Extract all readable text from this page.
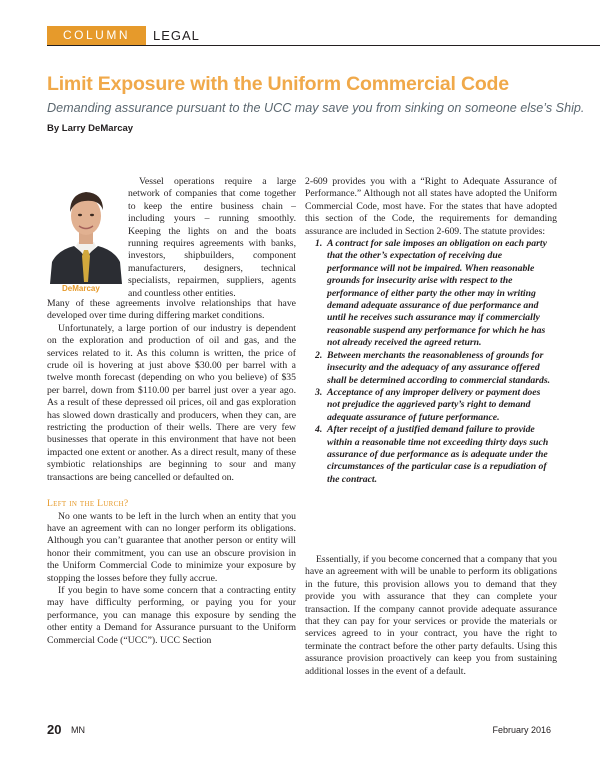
COLUMN	LEGAL
Limit Exposure with the Uniform Commercial Code
Demanding assurance pursuant to the UCC may save you from sinking on someone else’s Ship.
By Larry DeMarcay
DeMarcay

Vessel operations require a large network of companies that come together to keep the entire business chain – including yours – running smoothly. Keeping the lights on and the boats running requires agreements with banks, investors, shipbuilders, component manufacturers, designers, technical specialists, repairmen, suppliers, agents and countless other entities.

Many of these agreements involve relationships that have developed over time during differing market conditions.

Unfortunately, a large portion of our industry is dependent on the exploration and production of oil and gas, and the services related to it. As this column is written, the price of crude oil is hovering at just above $30.00 per barrel with a twelve month forecast (depending on who you believe) of $35 per barrel, down from $110.00 per barrel just over a year ago. As a result of these depressed oil prices, oil and gas exploration has slowed down drastically and producers, when they can, are restricting the production of their wells. There are very few businesses that operate in this environment that have not been impacted one extent or another. As a direct result, many of these symbiotic relationships are beginning to sour and many transactions are being cancelled or defaulted on.

Left in the Lurch?

No one wants to be left in the lurch when an entity that you have an agreement with can no longer perform its obligations. Although you can’t guarantee that another person or entity will honor their commitment, you can use an obscure provision in the Uniform Commercial Code to minimize your exposure by stopping the losses before they fully accrue.

If you begin to have some concern that a contracting entity may have difficulty performing, or paying you for your performance, you can manage this exposure by sending the other entity a Demand for Assurance pursuant to the Uniform Commercial Code (“UCC”). UCC Section

2-609 provides you with a “Right to Adequate Assurance of Performance.” Although not all states have adopted the Uniform Commercial Code, most have. For the states that have adopted this section of the Code, the requirements for demanding assurance are included in Section 2-609. The statute provides:

1. A contract for sale imposes an obligation on each party that the other’s expectation of receiving due performance will not be impaired. When reasonable grounds for insecurity arise with respect to the performance of either party the other may in writing demand adequate assurance of due performance and until he receives such assurance may if commercially reasonable suspend any performance for which he has not already received the agreed return.
2. Between merchants the reasonableness of grounds for insecurity and the adequacy of any assurance offered shall be determined according to commercial standards.
3. Acceptance of any improper delivery or payment does not prejudice the aggrieved party’s right to demand adequate assurance of future performance.
4. After receipt of a justified demand failure to provide within a reasonable time not exceeding thirty days such assurance of due performance as is adequate under the circumstances of the particular case is a repudiation of the contract.

Essentially, if you become concerned that a company that you have an agreement with will be unable to perform its obligations in the future, this provision allows you to demand that they provide you with assurance that they can complete your transaction. If the company cannot provide adequate assurance that they can pay for your services or provide the materials or services agreed to in your contract, you have the right to terminate the contract before the other party defaults. Using this assurance provision proactively can keep you from sustaining additional losses in the event of a default.

20 MN	February 2016
